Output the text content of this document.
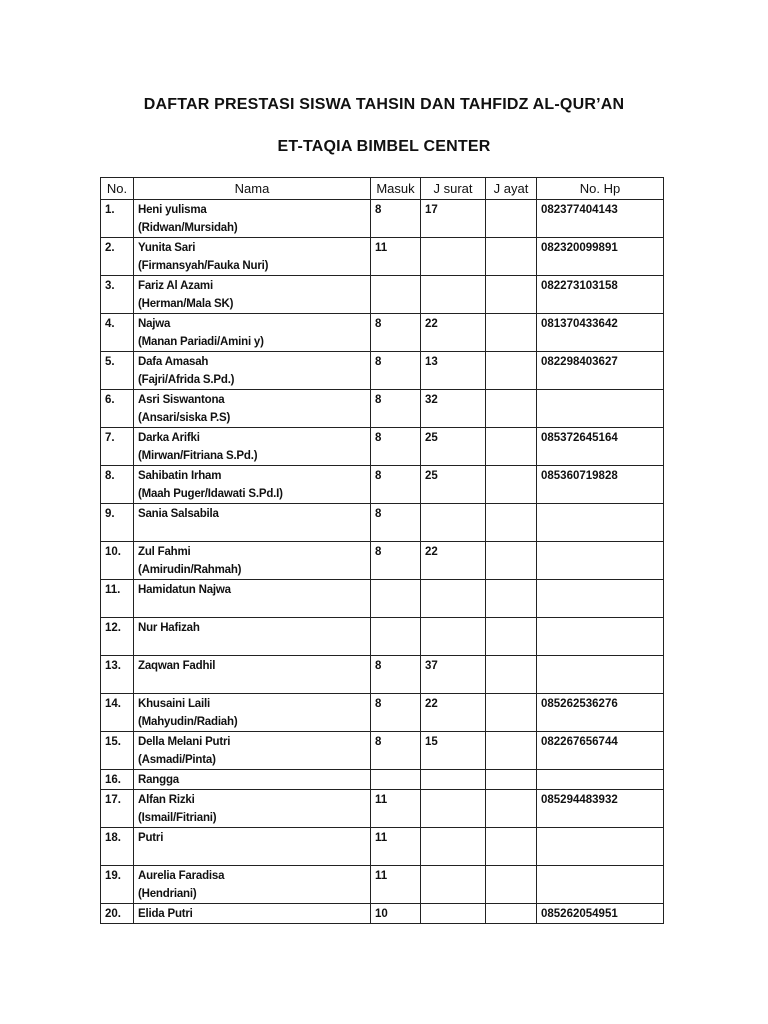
DAFTAR PRESTASI SISWA TAHSIN DAN TAHFIDZ AL-QUR’AN
ET-TAQIA BIMBEL CENTER
No.	Nama	Masuk	J surat	J ayat	No. Hp
1.	Heni yulisma
(Ridwan/Mursidah)	8	17		082377404143
2.	Yunita Sari
(Firmansyah/Fauka Nuri)	11			082320099891
3.	Fariz Al Azami
(Herman/Mala SK)				082273103158
4.	Najwa
(Manan Pariadi/Amini y)	8	22		081370433642
5.	Dafa Amasah
(Fajri/Afrida S.Pd.)	8	13		082298403627
6.	Asri Siswantona
(Ansari/siska P.S)	8	32		
7.	Darka Arifki
(Mirwan/Fitriana S.Pd.)	8	25		085372645164
8.	Sahibatin Irham
(Maah Puger/Idawati S.Pd.I)	8	25		085360719828
9.	Sania Salsabila	8			
10.	Zul Fahmi
(Amirudin/Rahmah)	8	22		
11.	Hamidatun Najwa				

12.	Nur Hafizah				

13.	Zaqwan Fadhil	8	37		
14.	Khusaini Laili
(Mahyudin/Radiah)	8	22		085262536276
15.	Della Melani Putri
(Asmadi/Pinta)	8	15		082267656744
16.	Rangga				

17.	Alfan Rizki
(Ismail/Fitriani)	11			085294483932
18.	Putri	11			
19.	Aurelia Faradisa
(Hendriani)	11			
20.	Elida Putri	10			085262054951
